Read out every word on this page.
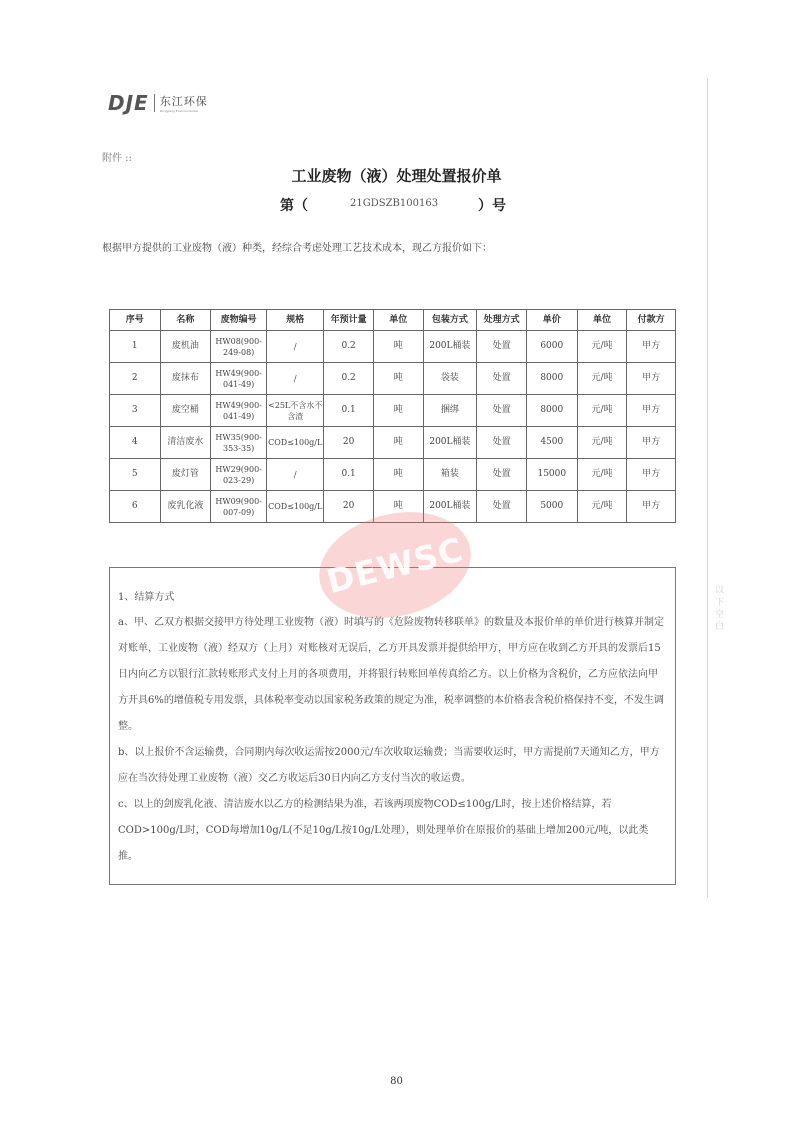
DJE 东江环保
Dongjiang Environmental
附件 ::
工业废物（液）处理处置报价单
第（	21GDSZB100163	）号
根据甲方提供的工业废物（液）种类，经综合考虑处理工艺技术成本，现乙方报价如下：
序号	名称	废物编号	规格	年预计量	单位	包装方式	处理方式	单价	单位	付款方
1	废机油	HW08(900-249-08)	/	0.2	吨	200L桶装	处置	6000	元/吨	甲方
2	废抹布	HW49(900-041-49)	/	0.2	吨	袋装	处置	8000	元/吨	甲方
3	废空桶	HW49(900-041-49)	<25L不含水不含渣	0.1	吨	捆绑	处置	8000	元/吨	甲方
4	清洁废水	HW35(900-353-35)	COD≤100g/L	20	吨	200L桶装	处置	4500	元/吨	甲方
5	废灯管	HW29(900-023-29)	/	0.1	吨	箱装	处置	15000	元/吨	甲方
6	废乳化液	HW09(900-007-09)	COD≤100g/L	20	吨	200L桶装	处置	5000	元/吨	甲方

1、结算方式

a、甲、乙双方根据交接甲方待处理工业废物（液）时填写的《危险废物转移联单》的数量及本报价单的单价进行核算并制定对账单，工业废物（液）经双方（上月）对账核对无误后，乙方开具发票并提供给甲方，甲方应在收到乙方开具的发票后15日内向乙方以银行汇款转账形式支付上月的各项费用，并将银行转账回单传真给乙方。以上价格为含税价，乙方应依法向甲方开具6%的增值税专用发票，具体税率变动以国家税务政策的规定为准，税率调整的本价格表含税价格保持不变，不发生调整。

b、以上报价不含运输费，合同期内每次收运需按2000元/车次收取运输费；当需要收运时，甲方需提前7天通知乙方，甲方应在当次待处理工业废物（液）交乙方收运后30日内向乙方支付当次的收运费。

c、以上的剑废乳化液、清洁废水以乙方的检测结果为准，若该两项废物COD≤100g/L时，按上述价格结算，若COD>100g/L时，COD每增加10g/L(不足10g/L按10g/L处理），则处理单价在原报价的基础上增加200元/吨，以此类推。

DEWSC	以下空白
80
